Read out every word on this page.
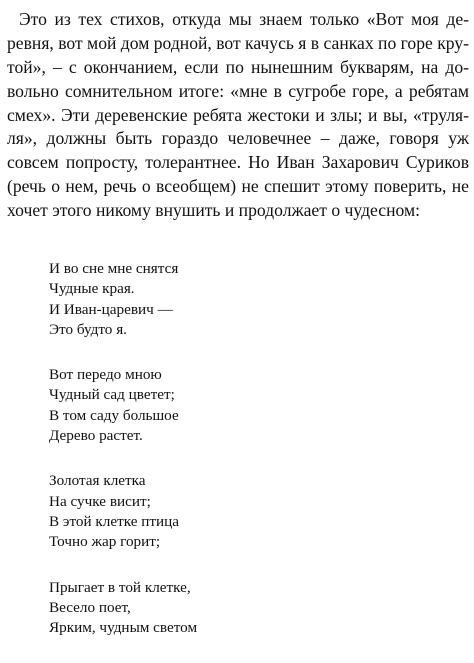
Это из тех стихов, откуда мы знаем только «Вот моя де-
ревня, вот мой дом родной, вот качусь я в санках по горе кру-
той», – с окончанием, если по нынешним букварям, на до-
вольно сомнительном итоге: «мне в сугробе горе, а ребятам
смех». Эти деревенские ребята жестоки и злы; и вы, «труля-
ля», должны быть гораздо человечнее – даже, говоря уж
совсем попросту, толерантнее. Но Иван Захарович Суриков
(речь о нем, речь о всеобщем) не спешит этому поверить, не
хочет этого никому внушить и продолжает о чудесном:
И во сне мне снятся
Чудные края.
И Иван-царевич —
Это будто я.
Вот передо мною
Чудный сад цветет;
В том саду большое
Дерево растет.
Золотая клетка
На сучке висит;
В этой клетке птица
Точно жар горит;
Прыгает в той клетке,
Весело поет,
Ярким, чудным светом
